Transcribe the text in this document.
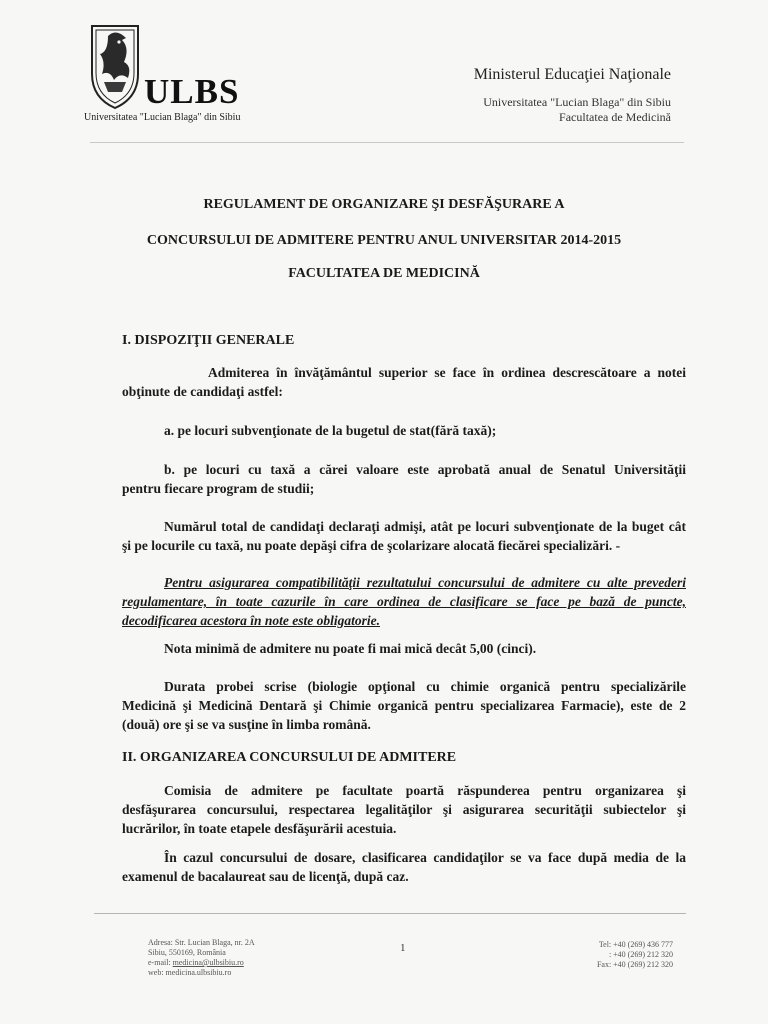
ULBS
Universitatea "Lucian Blaga" din Sibiu
Ministerul Educaţiei Naţionale
Universitatea "Lucian Blaga" din Sibiu
Facultatea de Medicină
REGULAMENT DE ORGANIZARE ŞI DESFĂŞURARE A
CONCURSULUI DE ADMITERE PENTRU ANUL UNIVERSITAR 2014-2015
FACULTATEA DE MEDICINĂ
I. DISPOZIŢII GENERALE
Admiterea în învăţământul superior se face în ordinea descrescătoare a notei
obţinute de candidaţi astfel:
a. pe locuri subvenţionate de la bugetul de stat(fără taxă);
b. pe locuri cu taxă a cărei valoare este aprobată anual de Senatul Universităţii
pentru fiecare program de studii;
Numărul total de candidaţi declaraţi admişi, atât pe locuri subvenţionate de la buget cât
şi pe locurile cu taxă, nu poate depăşi cifra de şcolarizare alocată fiecărei specializări. -
Pentru asigurarea compatibilităţii rezultatului concursului de admitere cu alte prevederi
regulamentare, în toate cazurile în care ordinea de clasificare se face pe bază de puncte,
decodificarea acestora în note este obligatorie.
Nota minimă de admitere nu poate fi mai mică decât 5,00 (cinci).
Durata probei scrise (biologie opţional cu chimie organică pentru specializările
Medicină şi Medicină Dentară şi Chimie organică pentru specializarea Farmacie), este de 2
(două) ore şi se va susţine în limba română.
II. ORGANIZAREA CONCURSULUI DE ADMITERE
Comisia de admitere pe facultate poartă răspunderea pentru organizarea şi
desfăşurarea concursului, respectarea legalităţilor şi asigurarea securităţii subiectelor şi
lucrărilor, în toate etapele desfăşurării acestuia.
În cazul concursului de dosare, clasificarea candidaţilor se va face după media de la
examenul de bacalaureat sau de licenţă, după caz.
Adresa: Str. Lucian Blaga, nr. 2A
Sibiu, 550169, România
e-mail: medicina@ulbsibiu.ro
web: medicina.ulbsibiu.ro
1	Tel: +40 (269) 436 777
: +40 (269) 212 320
Fax: +40 (269) 212 320
